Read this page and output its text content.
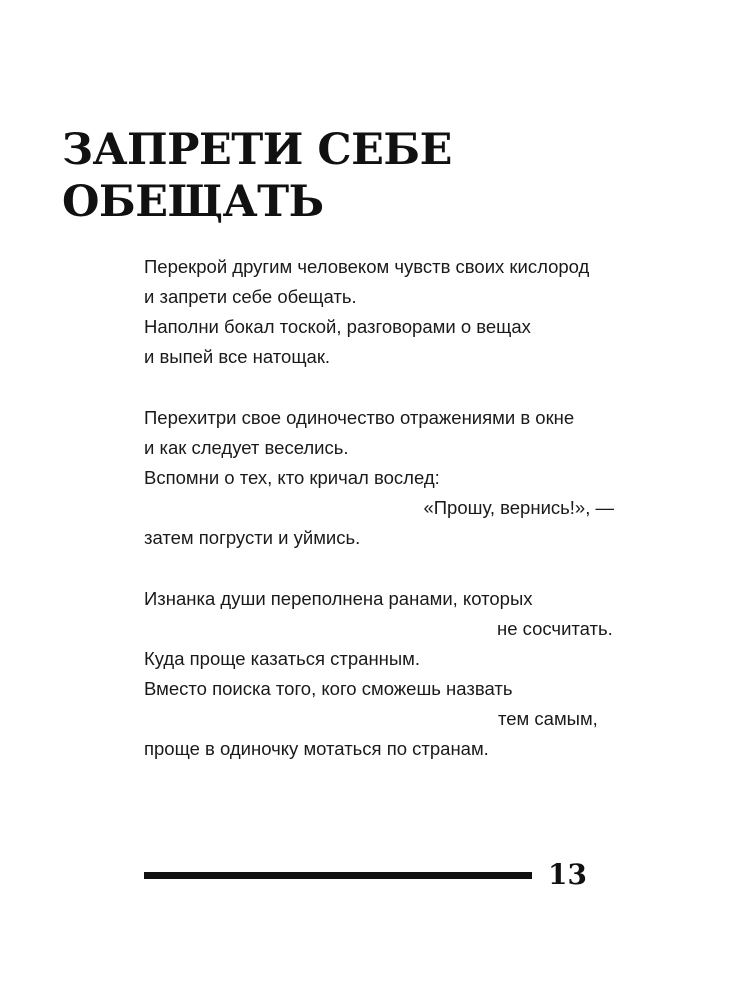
ЗАПРЕТИ СЕБЕ
ОБЕЩАТЬ
Перекрой другим человеком чувств своих кислород
и запрети себе обещать.
Наполни бокал тоской, разговорами о вещах
и выпей все натощак.
Перехитри свое одиночество отражениями в окне
и как следует веселись.
Вспомни о тех, кто кричал вослед:
«Прошу, вернись!», —
затем погрусти и уймись.
Изнанка души переполнена ранами, которых
не сосчитать.
Куда проще казаться странным.
Вместо поиска того, кого сможешь назвать
тем самым,
проще в одиночку мотаться по странам.
13
